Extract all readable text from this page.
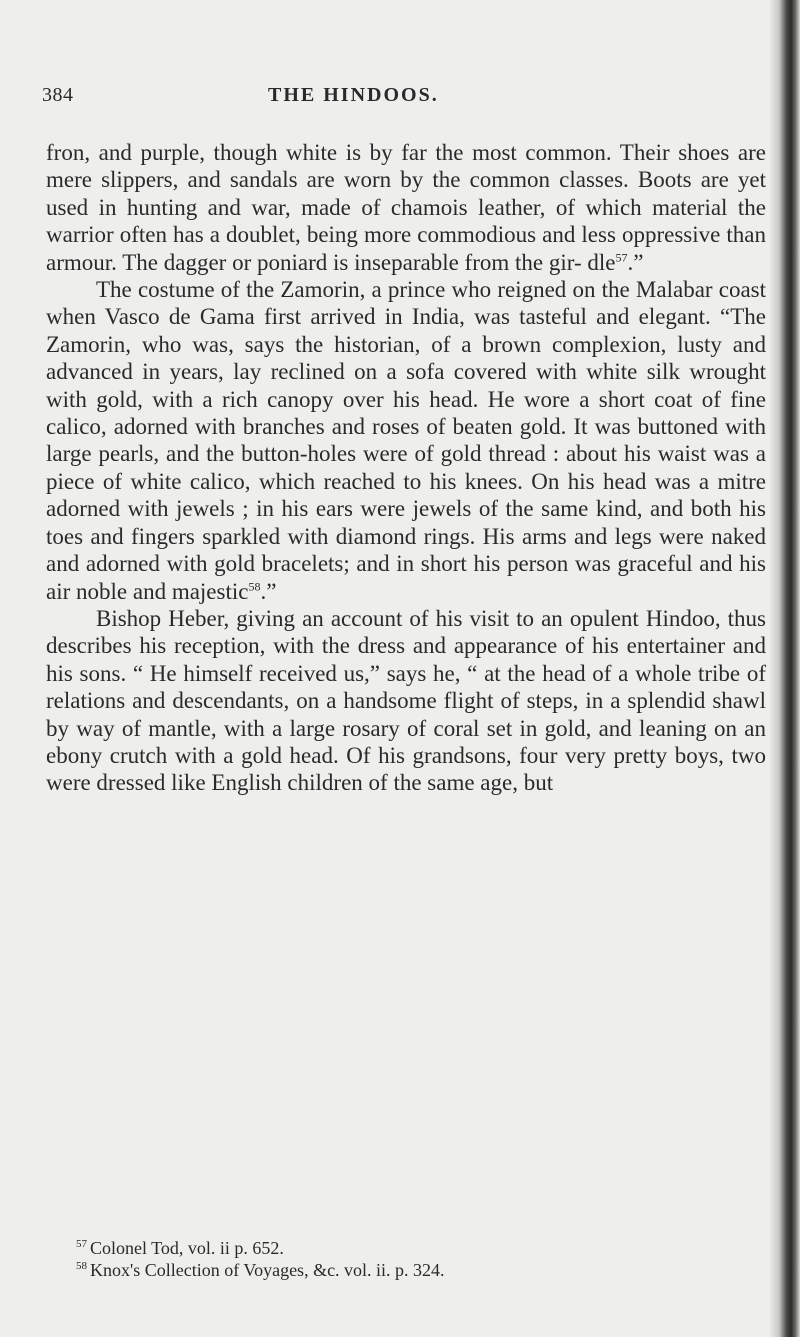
384	THE HINDOOS.

fron, and purple, though white is by far the most common. Their shoes are mere slippers, and sandals are worn by the common classes. Boots are yet used in hunting and war, made of chamois leather, of which material the warrior often has a doublet, being more commodious and less oppressive than armour. The dagger or poniard is inseparable from the gir- dle$^{57}$.”

The costume of the Zamorin, a prince who reigned on the Malabar coast when Vasco de Gama first arrived in India, was tasteful and elegant. “The Zamorin, who was, says the historian, of a brown complexion, lusty and advanced in years, lay reclined on a sofa covered with white silk wrought with gold, with a rich canopy over his head. He wore a short coat of fine calico, adorned with branches and roses of beaten gold. It was buttoned with large pearls, and the button-holes were of gold thread : about his waist was a piece of white calico, which reached to his knees. On his head was a mitre adorned with jewels ; in his ears were jewels of the same kind, and both his toes and fingers sparkled with diamond rings. His arms and legs were naked and adorned with gold bracelets; and in short his person was graceful and his air noble and majestic$^{58}$.”

Bishop Heber, giving an account of his visit to an opulent Hindoo, thus describes his reception, with the dress and appearance of his entertainer and his sons. “ He himself received us,” says he, “ at the head of a whole tribe of relations and descendants, on a handsome flight of steps, in a splendid shawl by way of mantle, with a large rosary of coral set in gold, and leaning on an ebony crutch with a gold head. Of his grandsons, four very pretty boys, two were dressed like English children of the same age, but

$^{57}$ Colonel Tod, vol. ii p. 652.
$^{58}$ Knox's Collection of Voyages, &c. vol. ii. p. 324.
